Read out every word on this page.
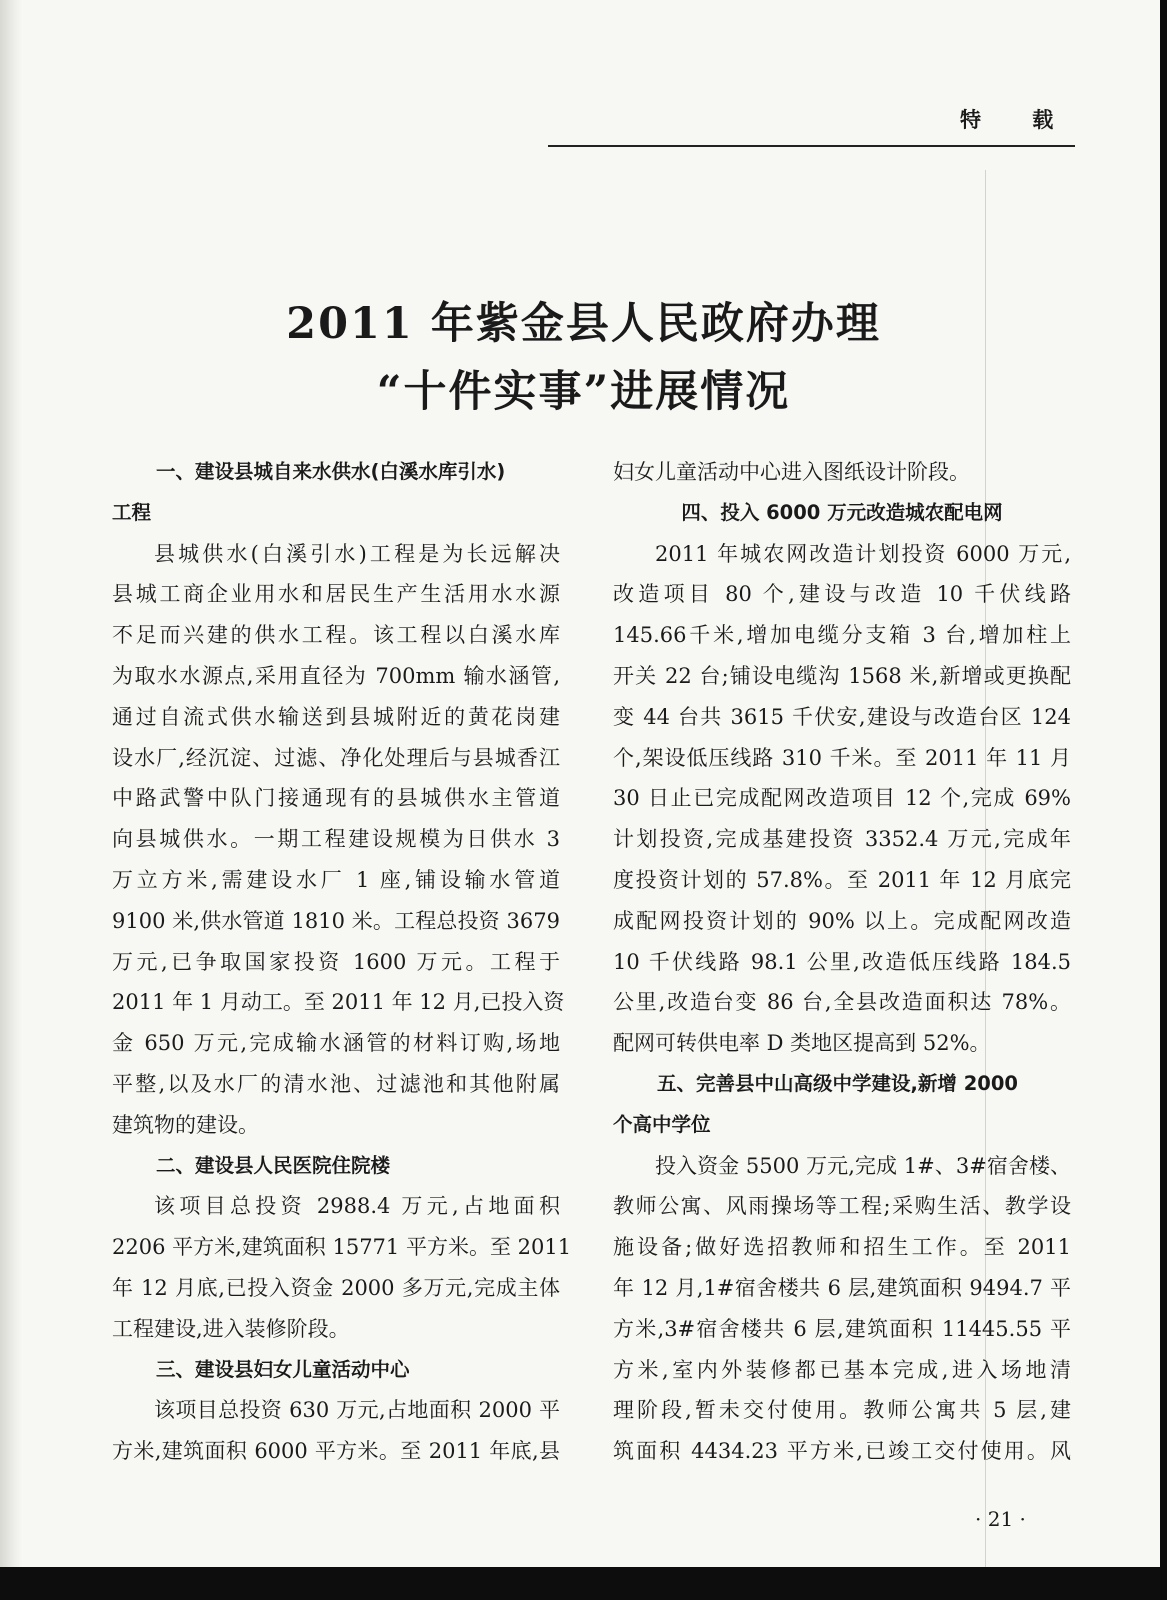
特 载
2011 年紫金县人民政府办理
“十件实事”进展情况
一、建设县城自来水供水(白溪水库引水)
工程
县城供水(白溪引水)工程是为长远解决
县城工商企业用水和居民生产生活用水水源
不足而兴建的供水工程。该工程以白溪水库
为取水水源点,采用直径为 700mm 输水涵管,
通过自流式供水输送到县城附近的黄花岗建
设水厂,经沉淀、过滤、净化处理后与县城香江
中路武警中队门接通现有的县城供水主管道
向县城供水。一期工程建设规模为日供水 3
万立方米,需建设水厂 1 座,铺设输水管道
9100 米,供水管道 1810 米。工程总投资 3679
万元,已争取国家投资 1600 万元。工程于
2011 年 1 月动工。至 2011 年 12 月,已投入资
金 650 万元,完成输水涵管的材料订购,场地
平整,以及水厂的清水池、过滤池和其他附属
建筑物的建设。
二、建设县人民医院住院楼
该项目总投资 2988.4 万元,占地面积
2206 平方米,建筑面积 15771 平方米。至 2011
年 12 月底,已投入资金 2000 多万元,完成主体
工程建设,进入装修阶段。
三、建设县妇女儿童活动中心
该项目总投资 630 万元,占地面积 2000 平
方米,建筑面积 6000 平方米。至 2011 年底,县
妇女儿童活动中心进入图纸设计阶段。
四、投入 6000 万元改造城农配电网
2011 年城农网改造计划投资 6000 万元,
改造项目 80 个,建设与改造 10 千伏线路
145.66千米,增加电缆分支箱 3 台,增加柱上
开关 22 台;铺设电缆沟 1568 米,新增或更换配
变 44 台共 3615 千伏安,建设与改造台区 124
个,架设低压线路 310 千米。至 2011 年 11 月
30 日止已完成配网改造项目 12 个,完成 69%
计划投资,完成基建投资 3352.4 万元,完成年
度投资计划的 57.8%。至 2011 年 12 月底完
成配网投资计划的 90% 以上。完成配网改造
10 千伏线路 98.1 公里,改造低压线路 184.5
公里,改造台变 86 台,全县改造面积达 78%。
配网可转供电率 D 类地区提高到 52%。
五、完善县中山高级中学建设,新增 2000
个高中学位
投入资金 5500 万元,完成 1#、3#宿舍楼、
教师公寓、风雨操场等工程;采购生活、教学设
施设备;做好选招教师和招生工作。至 2011
年 12 月,1#宿舍楼共 6 层,建筑面积 9494.7 平
方米,3#宿舍楼共 6 层,建筑面积 11445.55 平
方米,室内外装修都已基本完成,进入场地清
理阶段,暂未交付使用。教师公寓共 5 层,建
筑面积 4434.23 平方米,已竣工交付使用。风
· 21 ·
